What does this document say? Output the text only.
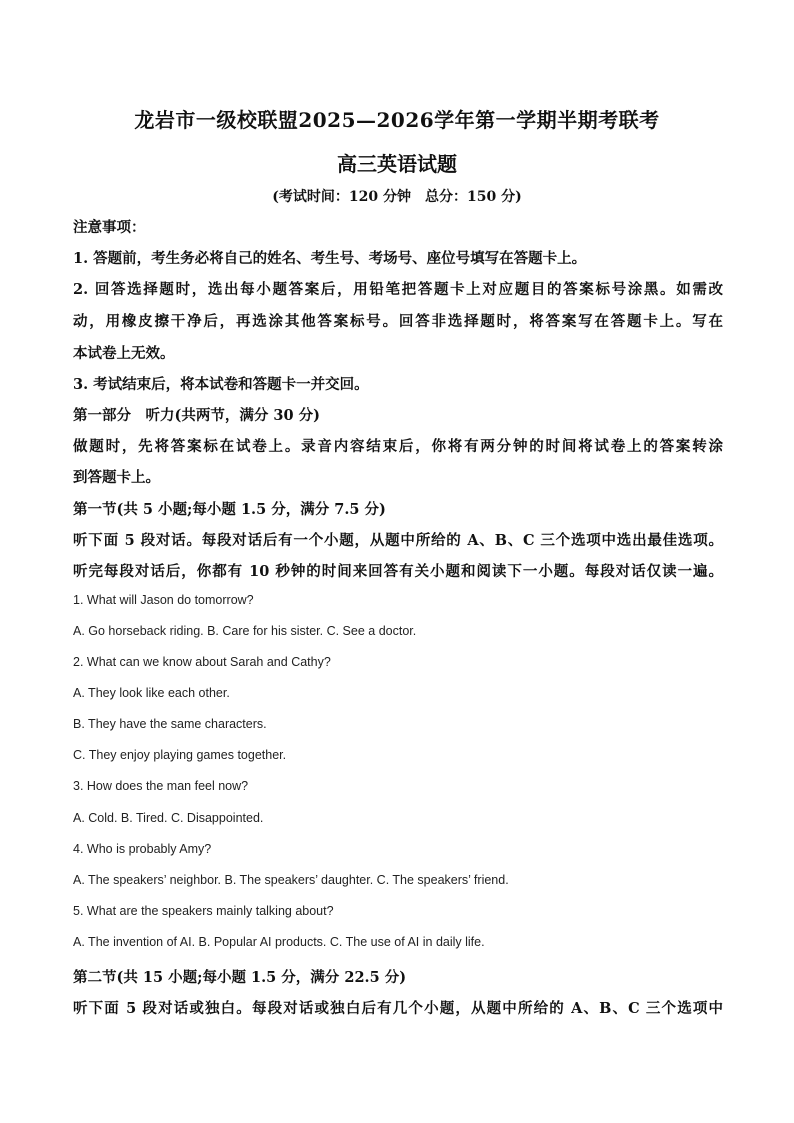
龙岩市一级校联盟2025—2026学年第一学期半期考联考
高三英语试题
(考试时间：120 分钟　总分：150 分)
注意事项：
1. 答题前，考生务必将自己的姓名、考生号、考场号、座位号填写在答题卡上。
2. 回答选择题时，选出每小题答案后，用铅笔把答题卡上对应题目的答案标号涂黑。如需改
动，用橡皮擦干净后，再选涂其他答案标号。回答非选择题时，将答案写在答题卡上。写在
本试卷上无效。
3. 考试结束后，将本试卷和答题卡一并交回。
第一部分　听力(共两节，满分 30 分)
做题时，先将答案标在试卷上。录音内容结束后，你将有两分钟的时间将试卷上的答案转涂
到答题卡上。
第一节(共 5 小题;每小题 1.5 分，满分 7.5 分)
听下面 5 段对话。每段对话后有一个小题，从题中所给的 A、B、C 三个选项中选出最佳选项。
听完每段对话后，你都有 10 秒钟的时间来回答有关小题和阅读下一小题。每段对话仅读一遍。
1. What will Jason do tomorrow?
A. Go horseback riding. B. Care for his sister. C. See a doctor.
2. What can we know about Sarah and Cathy?
A. They look like each other.
B. They have the same characters.
C. They enjoy playing games together.
3. How does the man feel now?
A. Cold. B. Tired. C. Disappointed.
4. Who is probably Amy?
A. The speakers’ neighbor. B. The speakers’ daughter. C. The speakers’ friend.
5. What are the speakers mainly talking about?
A. The invention of AI. B. Popular AI products. C. The use of AI in daily life.
第二节(共 15 小题;每小题 1.5 分，满分 22.5 分)
听下面 5 段对话或独白。每段对话或独白后有几个小题，从题中所给的 A、B、C 三个选项中
